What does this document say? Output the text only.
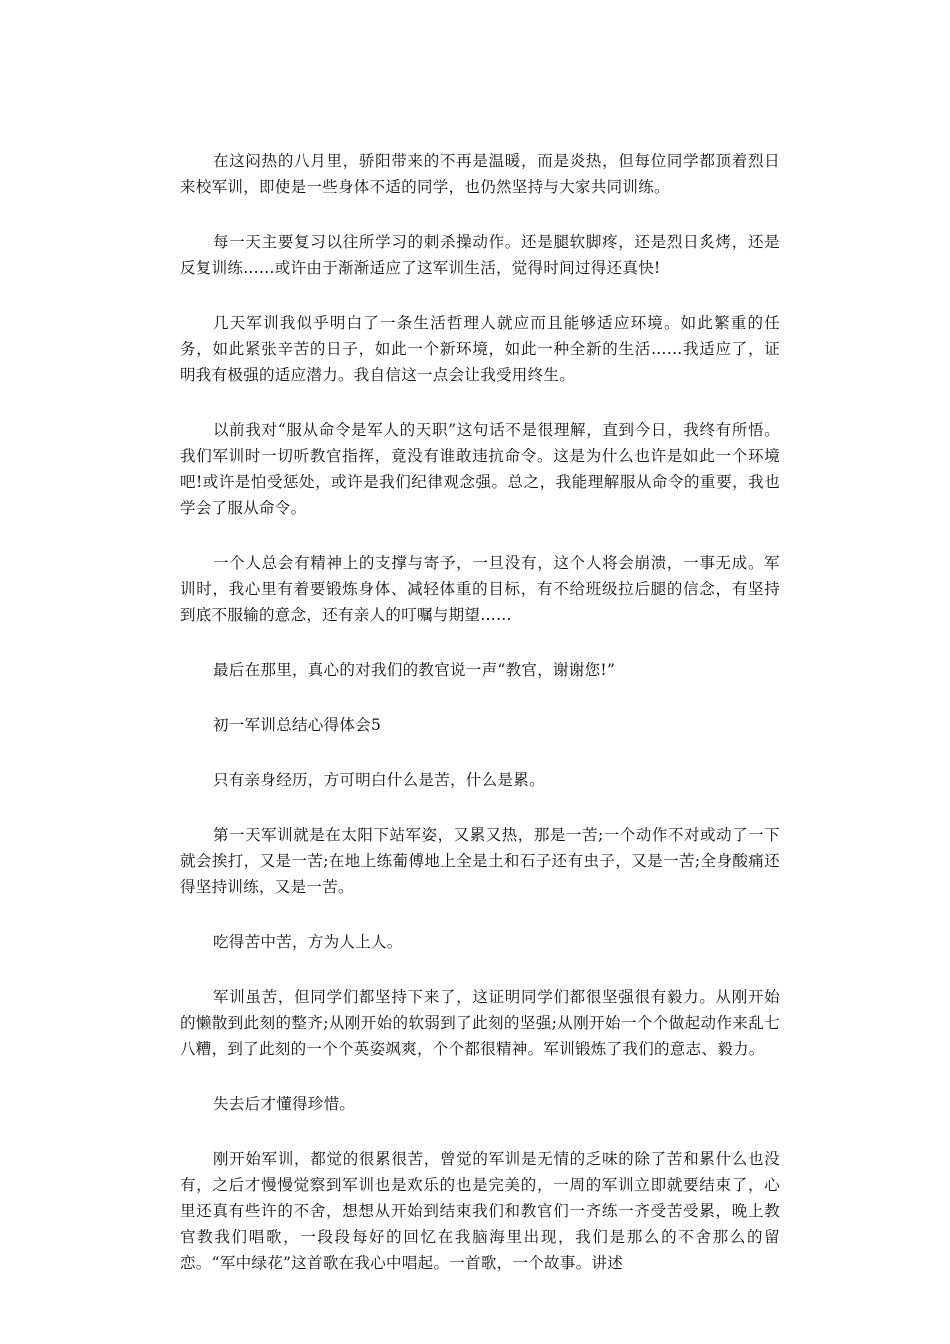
在这闷热的八月里，骄阳带来的不再是温暖，而是炎热，但每位同学都顶着烈日来校军训，即使是一些身体不适的同学，也仍然坚持与大家共同训练。

每一天主要复习以往所学习的刺杀操动作。还是腿软脚疼，还是烈日炙烤，还是反复训练……或许由于渐渐适应了这军训生活，觉得时间过得还真快!

几天军训我似乎明白了一条生活哲理人就应而且能够适应环境。如此繁重的任务，如此紧张辛苦的日子，如此一个新环境，如此一种全新的生活……我适应了，证明我有极强的适应潜力。我自信这一点会让我受用终生。

以前我对“服从命令是军人的天职”这句话不是很理解，直到今日，我终有所悟。我们军训时一切听教官指挥，竟没有谁敢违抗命令。这是为什么也许是如此一个环境吧!或许是怕受惩处，或许是我们纪律观念强。总之，我能理解服从命令的重要，我也学会了服从命令。

一个人总会有精神上的支撑与寄予，一旦没有，这个人将会崩溃，一事无成。军训时，我心里有着要锻炼身体、减轻体重的目标，有不给班级拉后腿的信念，有坚持到底不服输的意念，还有亲人的叮嘱与期望……

最后在那里，真心的对我们的教官说一声“教官，谢谢您!”

初一军训总结心得体会5

只有亲身经历，方可明白什么是苦，什么是累。

第一天军训就是在太阳下站军姿，又累又热，那是一苦;一个动作不对或动了一下就会挨打，又是一苦;在地上练葡傅地上全是土和石子还有虫子，又是一苦;全身酸痛还得坚持训练，又是一苦。

吃得苦中苦，方为人上人。

军训虽苦，但同学们都坚持下来了，这证明同学们都很坚强很有毅力。从刚开始的懒散到此刻的整齐;从刚开始的软弱到了此刻的坚强;从刚开始一个个做起动作来乱七八糟，到了此刻的一个个英姿飒爽，个个都很精神。军训锻炼了我们的意志、毅力。

失去后才懂得珍惜。

刚开始军训，都觉的很累很苦，曾觉的军训是无情的乏味的除了苦和累什么也没有，之后才慢慢觉察到军训也是欢乐的也是完美的，一周的军训立即就要结束了，心里还真有些许的不舍，想想从开始到结束我们和教官们一齐练一齐受苦受累，晚上教官教我们唱歌，一段段每好的回忆在我脑海里出现，我们是那么的不舍那么的留恋。“军中绿花”这首歌在我心中唱起。一首歌，一个故事。讲述
